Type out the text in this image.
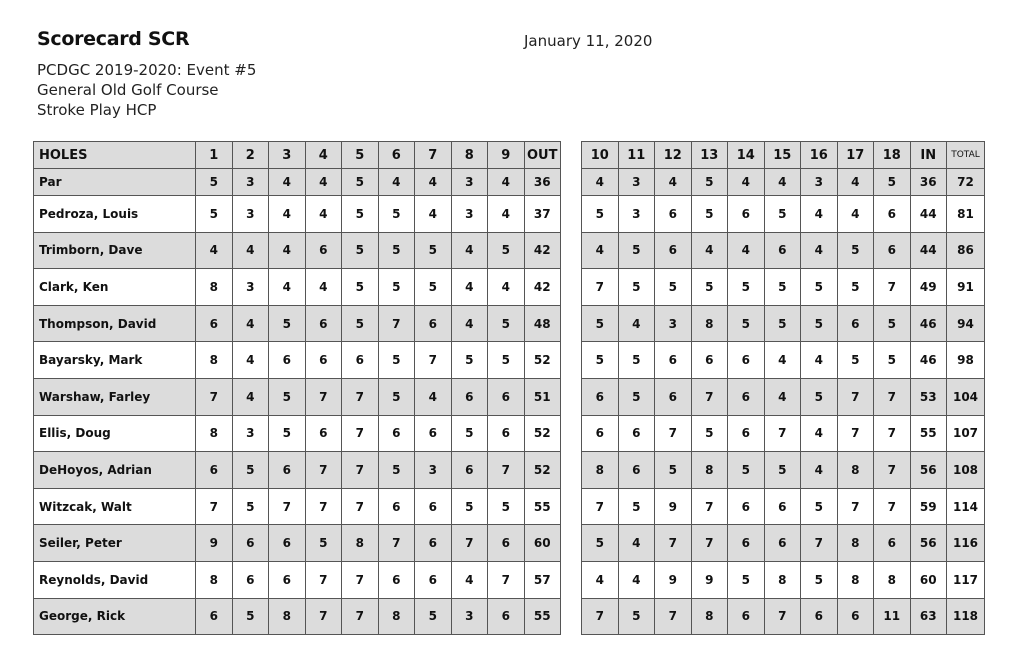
Scorecard SCR	January 11, 2020
PCDGC 2019-2020: Event #5
General Old Golf Course
Stroke Play HCP
HOLES	1	2	3	4	5	6	7	8	9	OUT
Par	5	3	4	4	5	4	4	3	4	36
Pedroza, Louis	5	3	4	4	5	5	4	3	4	37
Trimborn, Dave	4	4	4	6	5	5	5	4	5	42
Clark, Ken	8	3	4	4	5	5	5	4	4	42
Thompson, David	6	4	5	6	5	7	6	4	5	48
Bayarsky, Mark	8	4	6	6	6	5	7	5	5	52
Warshaw, Farley	7	4	5	7	7	5	4	6	6	51
Ellis, Doug	8	3	5	6	7	6	6	5	6	52
DeHoyos, Adrian	6	5	6	7	7	5	3	6	7	52
Witzcak, Walt	7	5	7	7	7	6	6	5	5	55
Seiler, Peter	9	6	6	5	8	7	6	7	6	60
Reynolds, David	8	6	6	7	7	6	6	4	7	57
George, Rick	6	5	8	7	7	8	5	3	6	55
10	11	12	13	14	15	16	17	18	IN	TOTAL
4	3	4	5	4	4	3	4	5	36	72
5	3	6	5	6	5	4	4	6	44	81
4	5	6	4	4	6	4	5	6	44	86
7	5	5	5	5	5	5	5	7	49	91
5	4	3	8	5	5	5	6	5	46	94
5	5	6	6	6	4	4	5	5	46	98
6	5	6	7	6	4	5	7	7	53	104
6	6	7	5	6	7	4	7	7	55	107
8	6	5	8	5	5	4	8	7	56	108
7	5	9	7	6	6	5	7	7	59	114
5	4	7	7	6	6	7	8	6	56	116
4	4	9	9	5	8	5	8	8	60	117
7	5	7	8	6	7	6	6	11	63	118
